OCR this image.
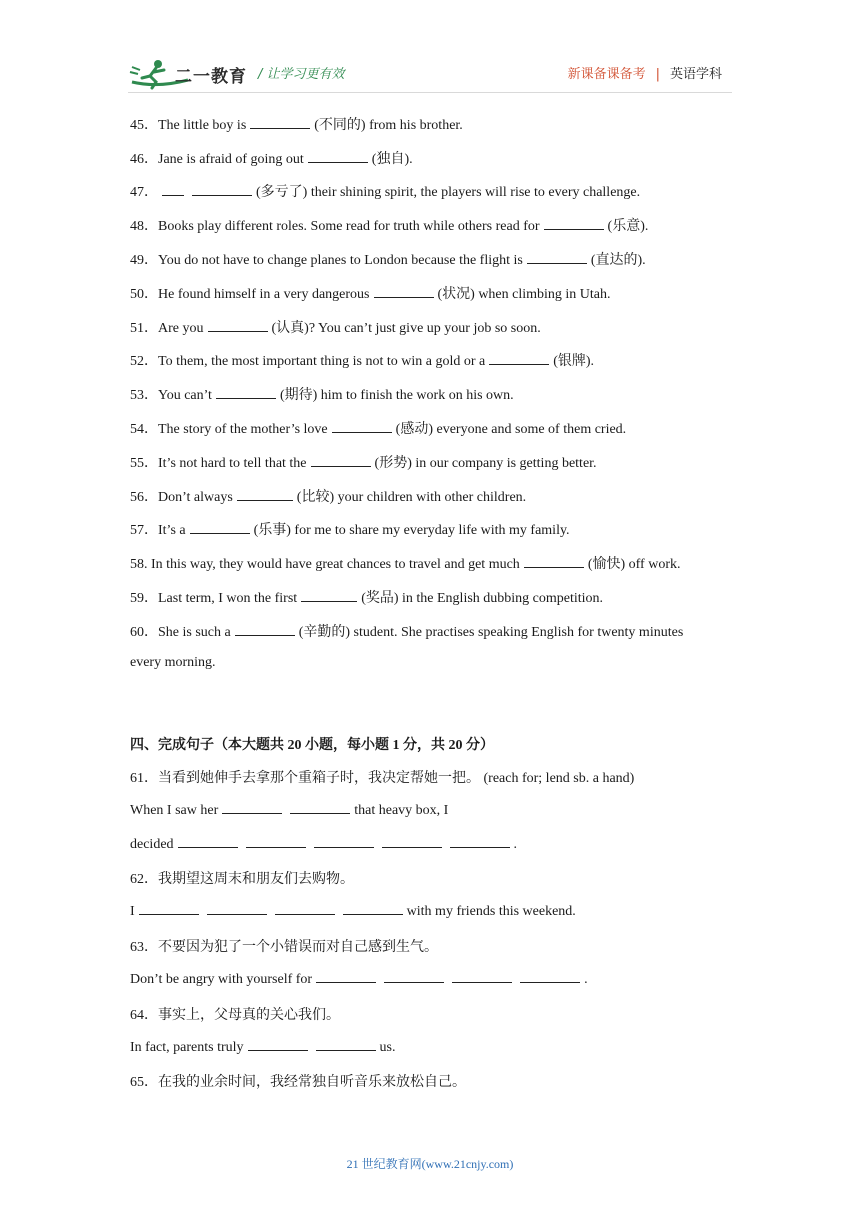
二一教育 / 让学习更有效	新课备课备考 | 英语学科
45．The little boy is	(不同的) from his brother.
46．Jane is afraid of going out	(独自).
47．	(多亏了) their shining spirit, the players will rise to every challenge.
48．Books play different roles. Some read for truth while others read for	(乐意).
49．You do not have to change planes to London because the flight is	(直达的).
50．He found himself in a very dangerous	(状况) when climbing in Utah.
51．Are you	(认真)? You can’t just give up your job so soon.
52．To them, the most important thing is not to win a gold or a	(银牌).
53．You can’t	(期待) him to finish the work on his own.
54．The story of the mother’s love	(感动) everyone and some of them cried.
55．It’s not hard to tell that the	(形势) in our company is getting better.
56．Don’t always	(比较) your children with other children.
57．It’s a	(乐事) for me to share my everyday life with my family.
58. In this way, they would have great chances to travel and get much	(愉快) off work.
59．Last term, I won the first	(奖品) in the English dubbing competition.
60．She is such a	(辛勤的) student. She practises speaking English for twenty minutes
every morning.
四、完成句子（本大题共 20 小题，每小题 1 分，共 20 分）
61．当看到她伸手去拿那个重箱子时，我决定帮她一把。 (reach for; lend sb. a hand)
When I saw her	that heavy box, I
decided	.
62．我期望这周末和朋友们去购物。
I	with my friends this weekend.
63．不要因为犯了一个小错误而对自己感到生气。
Don’t be angry with yourself for	.
64．事实上，父母真的关心我们。
In fact, parents truly	us.
65．在我的业余时间，我经常独自听音乐来放松自己。
21 世纪教育网(www.21cnjy.com)
